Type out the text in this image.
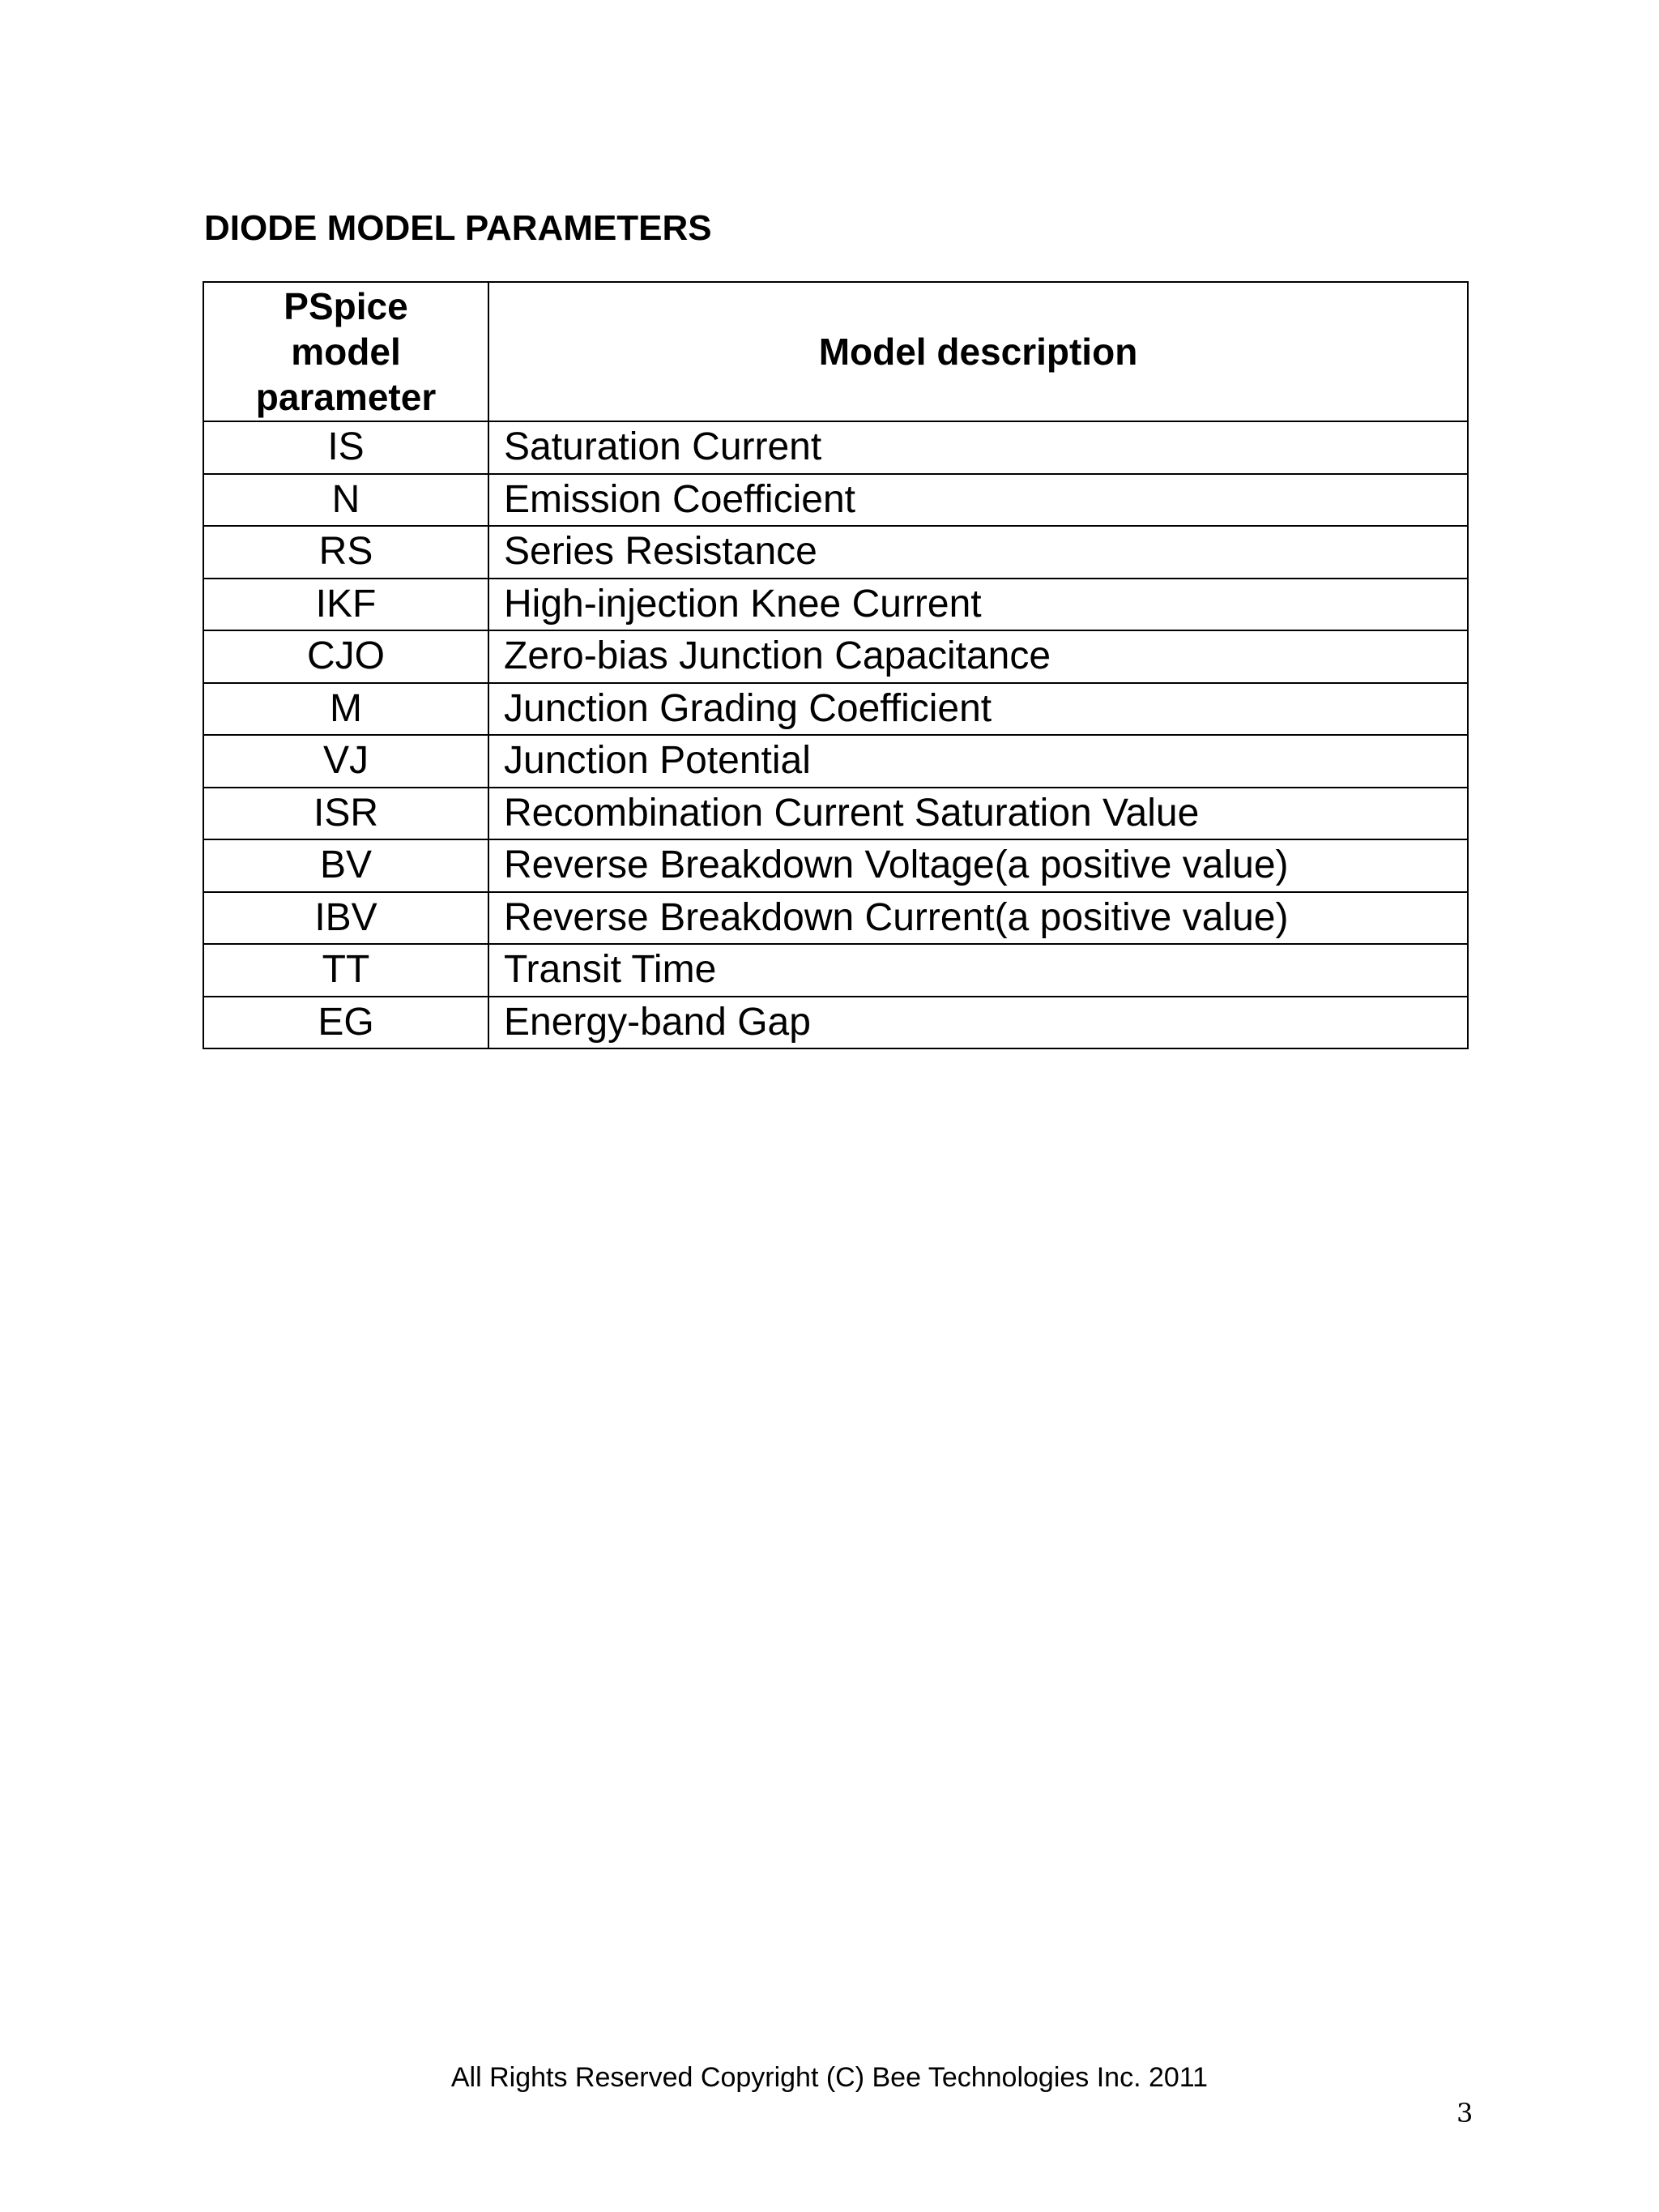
DIODE MODEL PARAMETERS
PSpice
model
parameter	Model description
IS	Saturation Current
N	Emission Coefficient
RS	Series Resistance
IKF	High-injection Knee Current
CJO	Zero-bias Junction Capacitance
M	Junction Grading Coefficient
VJ	Junction Potential
ISR	Recombination Current Saturation Value
BV	Reverse Breakdown Voltage(a positive value)
IBV	Reverse Breakdown Current(a positive value)
TT	Transit Time
EG	Energy-band Gap
All Rights Reserved Copyright (C) Bee Technologies Inc. 2011
3
